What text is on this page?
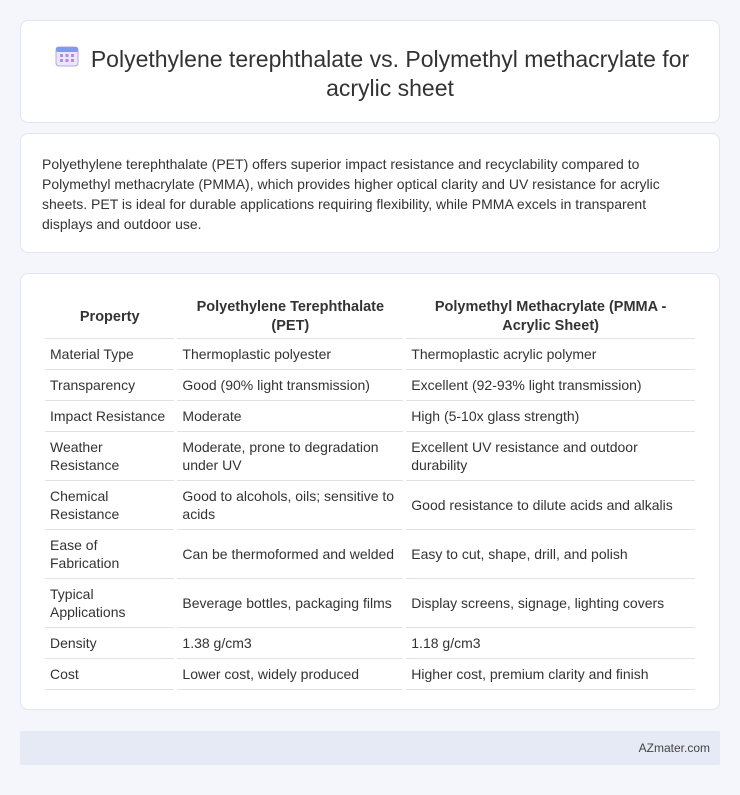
Polyethylene terephthalate vs. Polymethyl methacrylate for acrylic sheet

Polyethylene terephthalate (PET) offers superior impact resistance and recyclability compared to Polymethyl methacrylate (PMMA), which provides higher optical clarity and UV resistance for acrylic sheets. PET is ideal for durable applications requiring flexibility, while PMMA excels in transparent displays and outdoor use.

Property	Polyethylene Terephthalate (PET)	Polymethyl Methacrylate (PMMA - Acrylic Sheet)
Material Type	Thermoplastic polyester	Thermoplastic acrylic polymer
Transparency	Good (90% light transmission)	Excellent (92-93% light transmission)
Impact Resistance	Moderate	High (5-10x glass strength)
Weather Resistance	Moderate, prone to degradation under UV	Excellent UV resistance and outdoor durability
Chemical Resistance	Good to alcohols, oils; sensitive to acids	Good resistance to dilute acids and alkalis
Ease of Fabrication	Can be thermoformed and welded	Easy to cut, shape, drill, and polish
Typical Applications	Beverage bottles, packaging films	Display screens, signage, lighting covers
Density	1.38 g/cm3	1.18 g/cm3
Cost	Lower cost, widely produced	Higher cost, premium clarity and finish
AZmater.com
